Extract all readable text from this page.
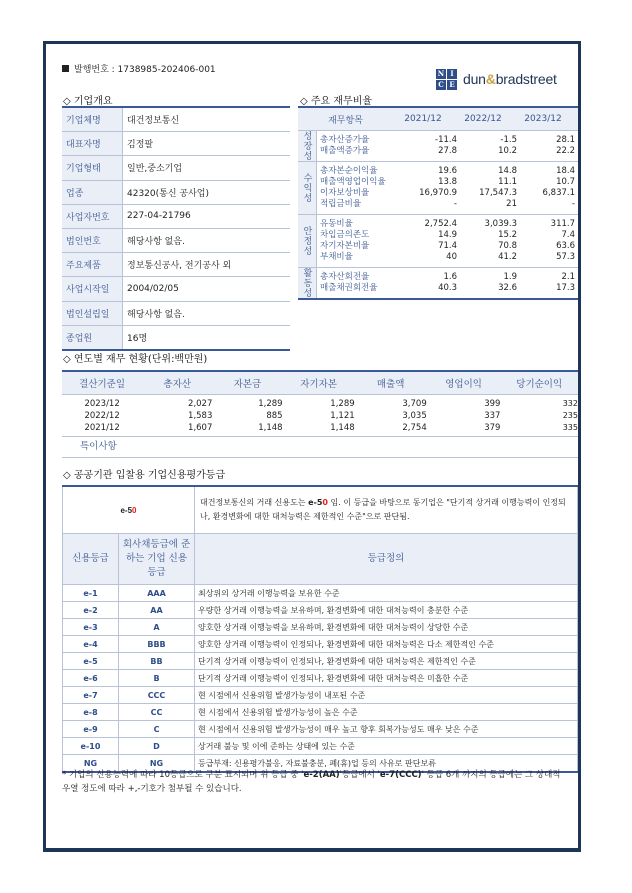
발행번호 : 1738985-202406-001	N I
C E dun&bradstreet
◇ 기업개요
기업체명	대건정보통신
대표자명	김정팔
기업형태	일반,중소기업
업종	42320(통신 공사업)
사업자번호	227-04-21796
법인번호	해당사항 없음.
주요제품	정보통신공사, 전기공사 외
사업시작일	2004/02/05
법인설립일	해당사항 없음.
종업원	16명
◇ 주요 재무비율
재무항목	2021/12	2022/12	2023/12
성장성	총자산증가율	-11.4	-1.5	28.1
매출액증가율	27.8	10.2	22.2
수익성
총자본순이익율	19.6	14.8	18.4
매출액영업이익율	13.8	11.1	10.7
이자보상비율	16,970.9	17,547.3	6,837.1
적립금비율	-	21	-
안정성
유동비율	2,752.4	3,039.3	311.7
차입금의존도	14.9	15.2	7.4
자기자본비율	71.4	70.8	63.6
부채비율	40	41.2	57.3
활동성	총자산회전율	1.6	1.9	2.1
매출채권회전율	40.3	32.6	17.3
◇ 연도별 재무 현황(단위:백만원)
결산기준일	총자산	자본금	자기자본	매출액	영업이익	당기순이익
2023/12	2,027	1,289	1,289	3,709	399	332
2022/12	1,583	885	1,121	3,035	337	235
2021/12	1,607	1,148	1,148	2,754	379	335
특이사항						
◇ 공공기관 입찰용 기업신용평가등급
e-50		대건정보통신의 거래 신용도는 e-50 임. 이 등급을 바탕으로 동기업은 "단기적 상거래 이행능력이 인정되나, 환경변화에 대한 대처능력은 제한적인 수준"으로 판단됨.
신용등급	회사채등급에 준하는 기업 신용등급	등급정의
e-1	AAA	최상위의 상거래 이행능력을 보유한 수준
e-2	AA	우량한 상거래 이행능력을 보유하며, 환경변화에 대한 대처능력이 충분한 수준
e-3	A	양호한 상거래 이행능력을 보유하며, 환경변화에 대한 대처능력이 상당한 수준
e-4	BBB	양호한 상거래 이행능력이 인정되나, 환경변화에 대한 대처능력은 다소 제한적인 수준
e-5	BB	단기적 상거래 이행능력이 인정되나, 환경변화에 대한 대처능력은 제한적인 수준
e-6	B	단기적 상거래 이행능력이 인정되나, 환경변화에 대한 대처능력은 미흡한 수준
e-7	CCC	현 시점에서 신용위험 발생가능성이 내포된 수준
e-8	CC	현 시점에서 신용위험 발생가능성이 높은 수준
e-9	C	현 시점에서 신용위험 발생가능성이 매우 높고 향후 회복가능성도 매우 낮은 수준
e-10	D	상거래 불능 및 이에 준하는 상태에 있는 수준
NG	NG	등급부재: 신용평가불응, 자료불충분, 폐(휴)업 등의 사유로 판단보류
* 기업의 신용능력에 따라 10등급으로 구분 표시되며 위 등급 중 'e-2(AA)'등급에서 'e-7(CCC)' 등급 6개 까지의 등급에는 그 상대적 우열 정도에 따라 +,-기호가 첨부될 수 있습니다.
